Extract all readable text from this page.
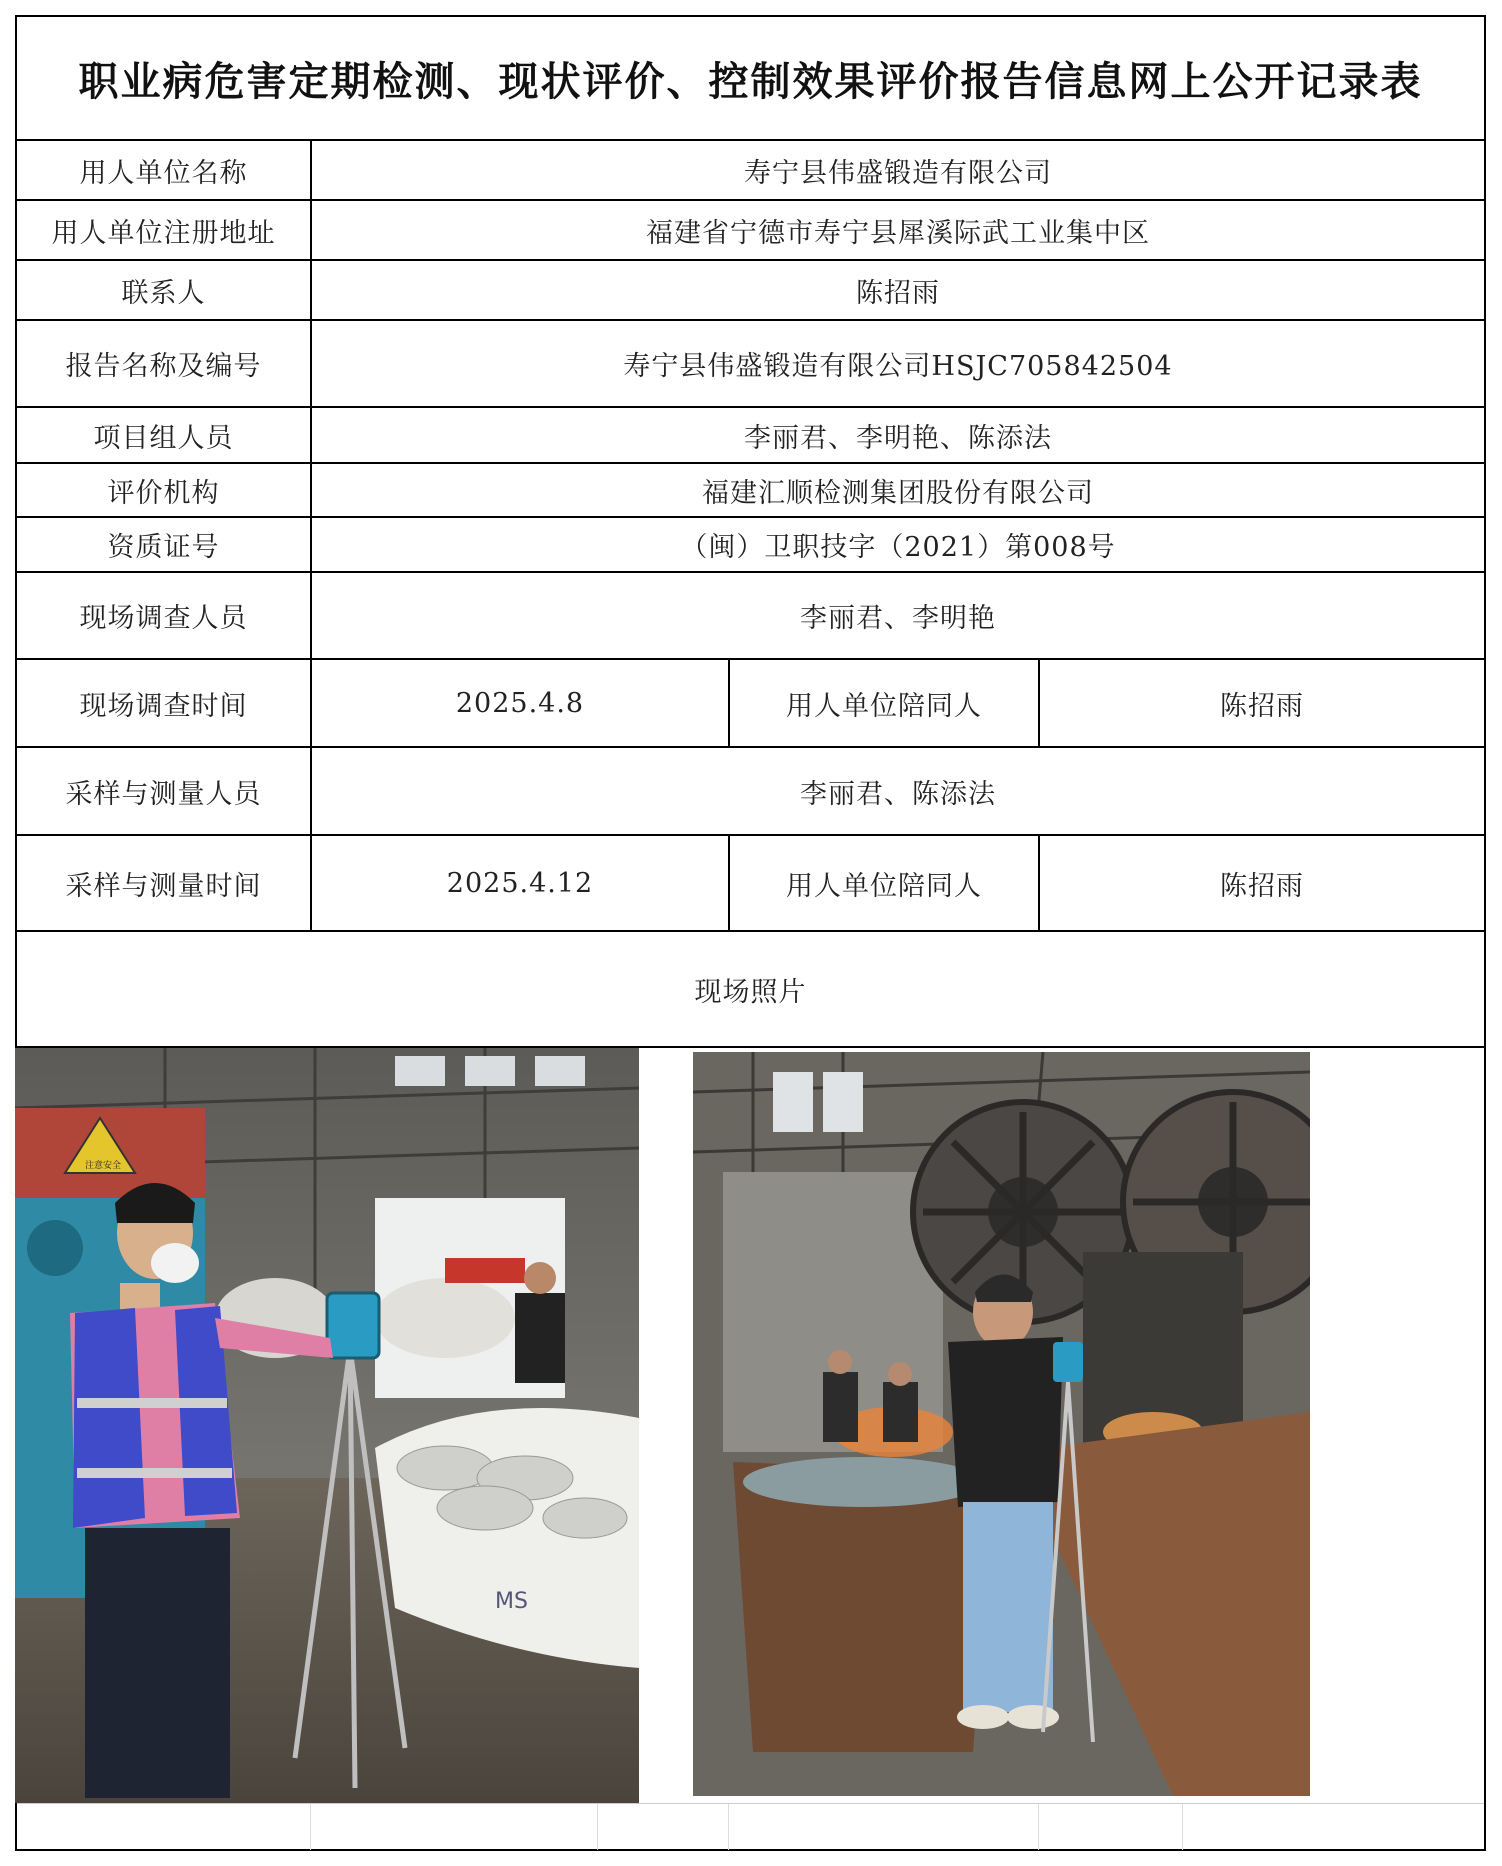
职业病危害定期检测、现状评价、控制效果评价报告信息网上公开记录表
用人单位名称	寿宁县伟盛锻造有限公司
用人单位注册地址	福建省宁德市寿宁县犀溪际武工业集中区
联系人	陈招雨
报告名称及编号	寿宁县伟盛锻造有限公司HSJC705842504
项目组人员	李丽君、李明艳、陈添法
评价机构	福建汇顺检测集团股份有限公司
资质证号	（闽）卫职技字（2021）第008号
现场调查人员	李丽君、李明艳
现场调查时间	2025.4.8	用人单位陪同人	陈招雨
采样与测量人员	李丽君、陈添法
采样与测量时间	2025.4.12	用人单位陪同人	陈招雨
现场照片
注意安全
MS
